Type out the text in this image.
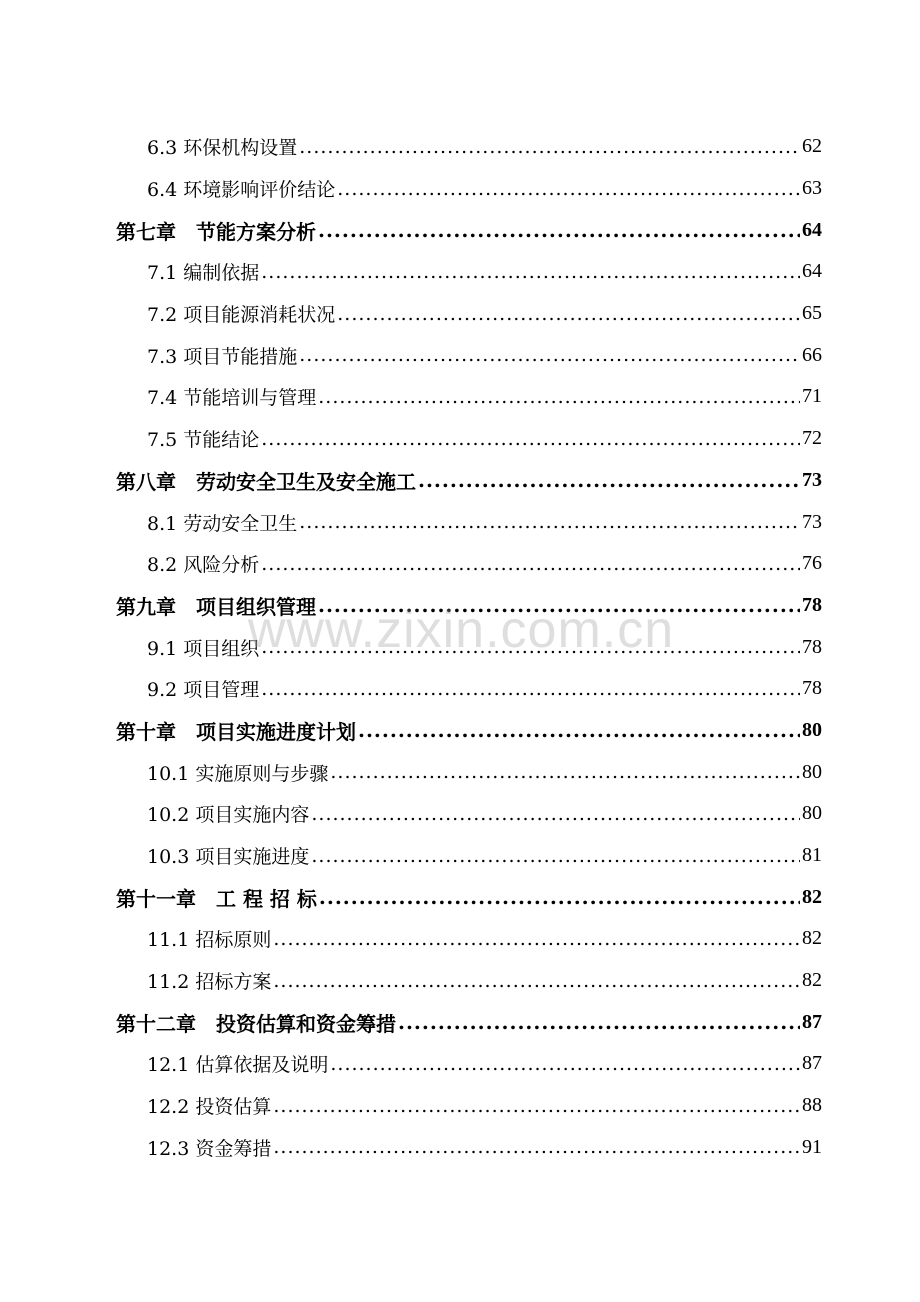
6.3 环保机构设置 .....	62
6.4 环境影响评价结论 .....	63
第七章　节能方案分析 .....	64
7.1 编制依据 .....	64
7.2 项目能源消耗状况 .....	65
7.3 项目节能措施 .....	66
7.4 节能培训与管理 .....	71
7.5 节能结论 .....	72
第八章　劳动安全卫生及安全施工 .....	73
8.1 劳动安全卫生 .....	73
8.2 风险分析 .....	76
第九章　项目组织管理 .....	78
9.1 项目组织 .....	78
9.2 项目管理 .....	78
第十章　项目实施进度计划 .....	80
10.1 实施原则与步骤 .....	80
10.2 项目实施内容 .....	80
10.3 项目实施进度 .....	81
第十一章　工 程 招 标 .....	82
11.1 招标原则 .....	82
11.2 招标方案 .....	82
第十二章　投资估算和资金筹措 .....	87
12.1 估算依据及说明 .....	87
12.2 投资估算 .....	88
12.3 资金筹措 .....	91
www.zixin.com.cn
